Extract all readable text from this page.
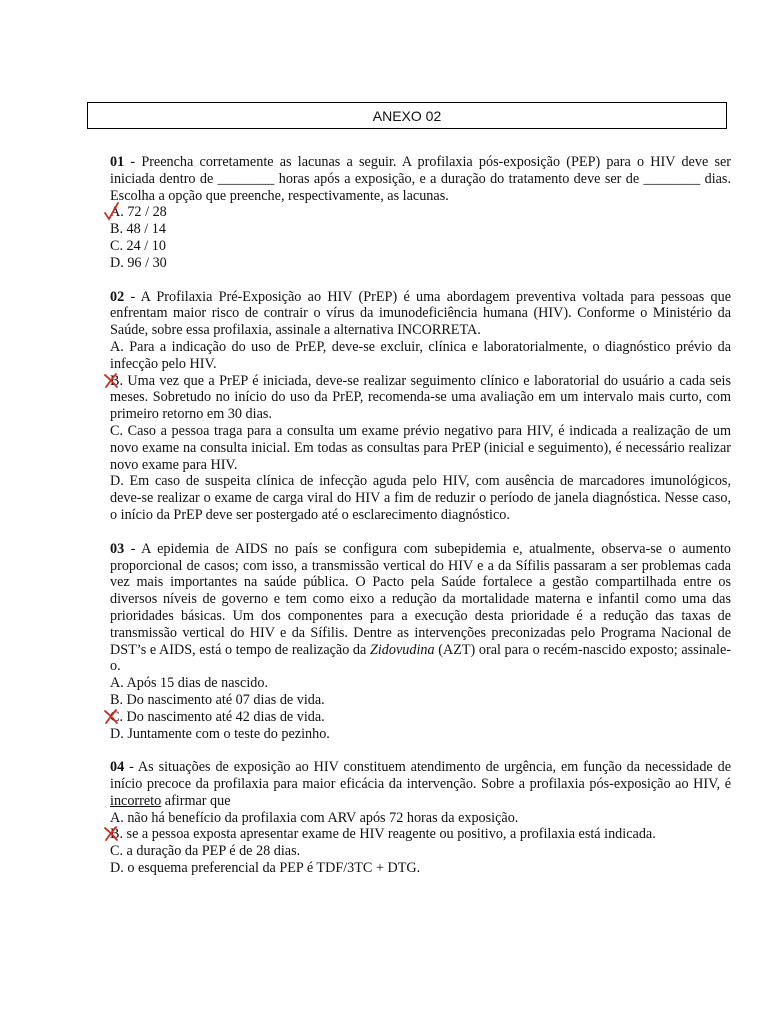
ANEXO 02
01 - Preencha corretamente as lacunas a seguir. A profilaxia pós-exposição (PEP) para o HIV deve ser iniciada dentro de ________ horas após a exposição, e a duração do tratamento deve ser de ________ dias. Escolha a opção que preenche, respectivamente, as lacunas.
A. 72 / 28
B. 48 / 14
C. 24 / 10
D. 96 / 30
02 - A Profilaxia Pré-Exposição ao HIV (PrEP) é uma abordagem preventiva voltada para pessoas que enfrentam maior risco de contrair o vírus da imunodeficiência humana (HIV). Conforme o Ministério da Saúde, sobre essa profilaxia, assinale a alternativa INCORRETA.
A. Para a indicação do uso de PrEP, deve-se excluir, clínica e laboratorialmente, o diagnóstico prévio da infecção pelo HIV.
B. Uma vez que a PrEP é iniciada, deve-se realizar seguimento clínico e laboratorial do usuário a cada seis meses. Sobretudo no início do uso da PrEP, recomenda-se uma avaliação em um intervalo mais curto, com primeiro retorno em 30 dias.
C. Caso a pessoa traga para a consulta um exame prévio negativo para HIV, é indicada a realização de um novo exame na consulta inicial. Em todas as consultas para PrEP (inicial e seguimento), é necessário realizar novo exame para HIV.
D. Em caso de suspeita clínica de infecção aguda pelo HIV, com ausência de marcadores imunológicos, deve-se realizar o exame de carga viral do HIV a fim de reduzir o período de janela diagnóstica. Nesse caso, o início da PrEP deve ser postergado até o esclarecimento diagnóstico.
03 - A epidemia de AIDS no país se configura com subepidemia e, atualmente, observa-se o aumento proporcional de casos; com isso, a transmissão vertical do HIV e a da Sífilis passaram a ser problemas cada vez mais importantes na saúde pública. O Pacto pela Saúde fortalece a gestão compartilhada entre os diversos níveis de governo e tem como eixo a redução da mortalidade materna e infantil como uma das prioridades básicas. Um dos componentes para a execução desta prioridade é a redução das taxas de transmissão vertical do HIV e da Sífilis. Dentre as intervenções preconizadas pelo Programa Nacional de DST’s e AIDS, está o tempo de realização da Zidovudina (AZT) oral para o recém-nascido exposto; assinale-o.
A. Após 15 dias de nascido.
B. Do nascimento até 07 dias de vida.
C. Do nascimento até 42 dias de vida.
D. Juntamente com o teste do pezinho.
04 - As situações de exposição ao HIV constituem atendimento de urgência, em função da necessidade de início precoce da profilaxia para maior eficácia da intervenção. Sobre a profilaxia pós-exposição ao HIV, é incorreto afirmar que
A. não há benefício da profilaxia com ARV após 72 horas da exposição.
B. se a pessoa exposta apresentar exame de HIV reagente ou positivo, a profilaxia está indicada.
C. a duração da PEP é de 28 dias.
D. o esquema preferencial da PEP é TDF/3TC + DTG.
